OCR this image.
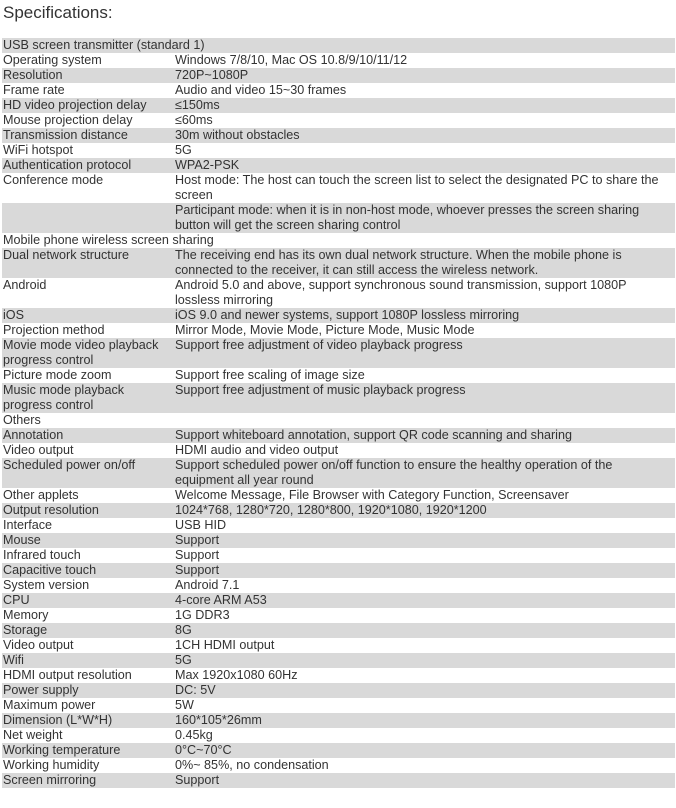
Specifications:
USB screen transmitter (standard 1)	
Operating system	Windows 7/8/10, Mac OS 10.8/9/10/11/12
Resolution	720P~1080P
Frame rate	Audio and video 15~30 frames
HD video projection delay	≤150ms
Mouse projection delay	≤60ms
Transmission distance	30m without obstacles
WiFi hotspot	5G
Authentication protocol	WPA2-PSK
Conference mode	Host mode: The host can touch the screen list to select the designated PC to share the screen
	Participant mode: when it is in non-host mode, whoever presses the screen sharing button will get the screen sharing control
Mobile phone wireless screen sharing	
Dual network structure	The receiving end has its own dual network structure. When the mobile phone is connected to the receiver, it can still access the wireless network.
Android	Android 5.0 and above, support synchronous sound transmission, support 1080P lossless mirroring
iOS	iOS 9.0 and newer systems, support 1080P lossless mirroring
Projection method	Mirror Mode, Movie Mode, Picture Mode, Music Mode
Movie mode video playback progress control	Support free adjustment of video playback progress
Picture mode zoom	Support free scaling of image size
Music mode playback progress control	Support free adjustment of music playback progress
Others	
Annotation	Support whiteboard annotation, support QR code scanning and sharing
Video output	HDMI audio and video output
Scheduled power on/off	Support scheduled power on/off function to ensure the healthy operation of the equipment all year round
Other applets	Welcome Message, File Browser with Category Function, Screensaver
Output resolution	1024*768, 1280*720, 1280*800, 1920*1080, 1920*1200
Interface	USB HID
Mouse	Support
Infrared touch	Support
Capacitive touch	Support
System version	Android 7.1
CPU	4-core ARM A53
Memory	1G DDR3
Storage	8G
Video output	1CH HDMI output
Wifi	5G
HDMI output resolution	Max 1920x1080 60Hz
Power supply	DC: 5V
Maximum power	5W
Dimension (L*W*H)	160*105*26mm
Net weight	0.45kg
Working temperature	0°C~70°C
Working humidity	0%~ 85%, no condensation
Screen mirroring	Support
